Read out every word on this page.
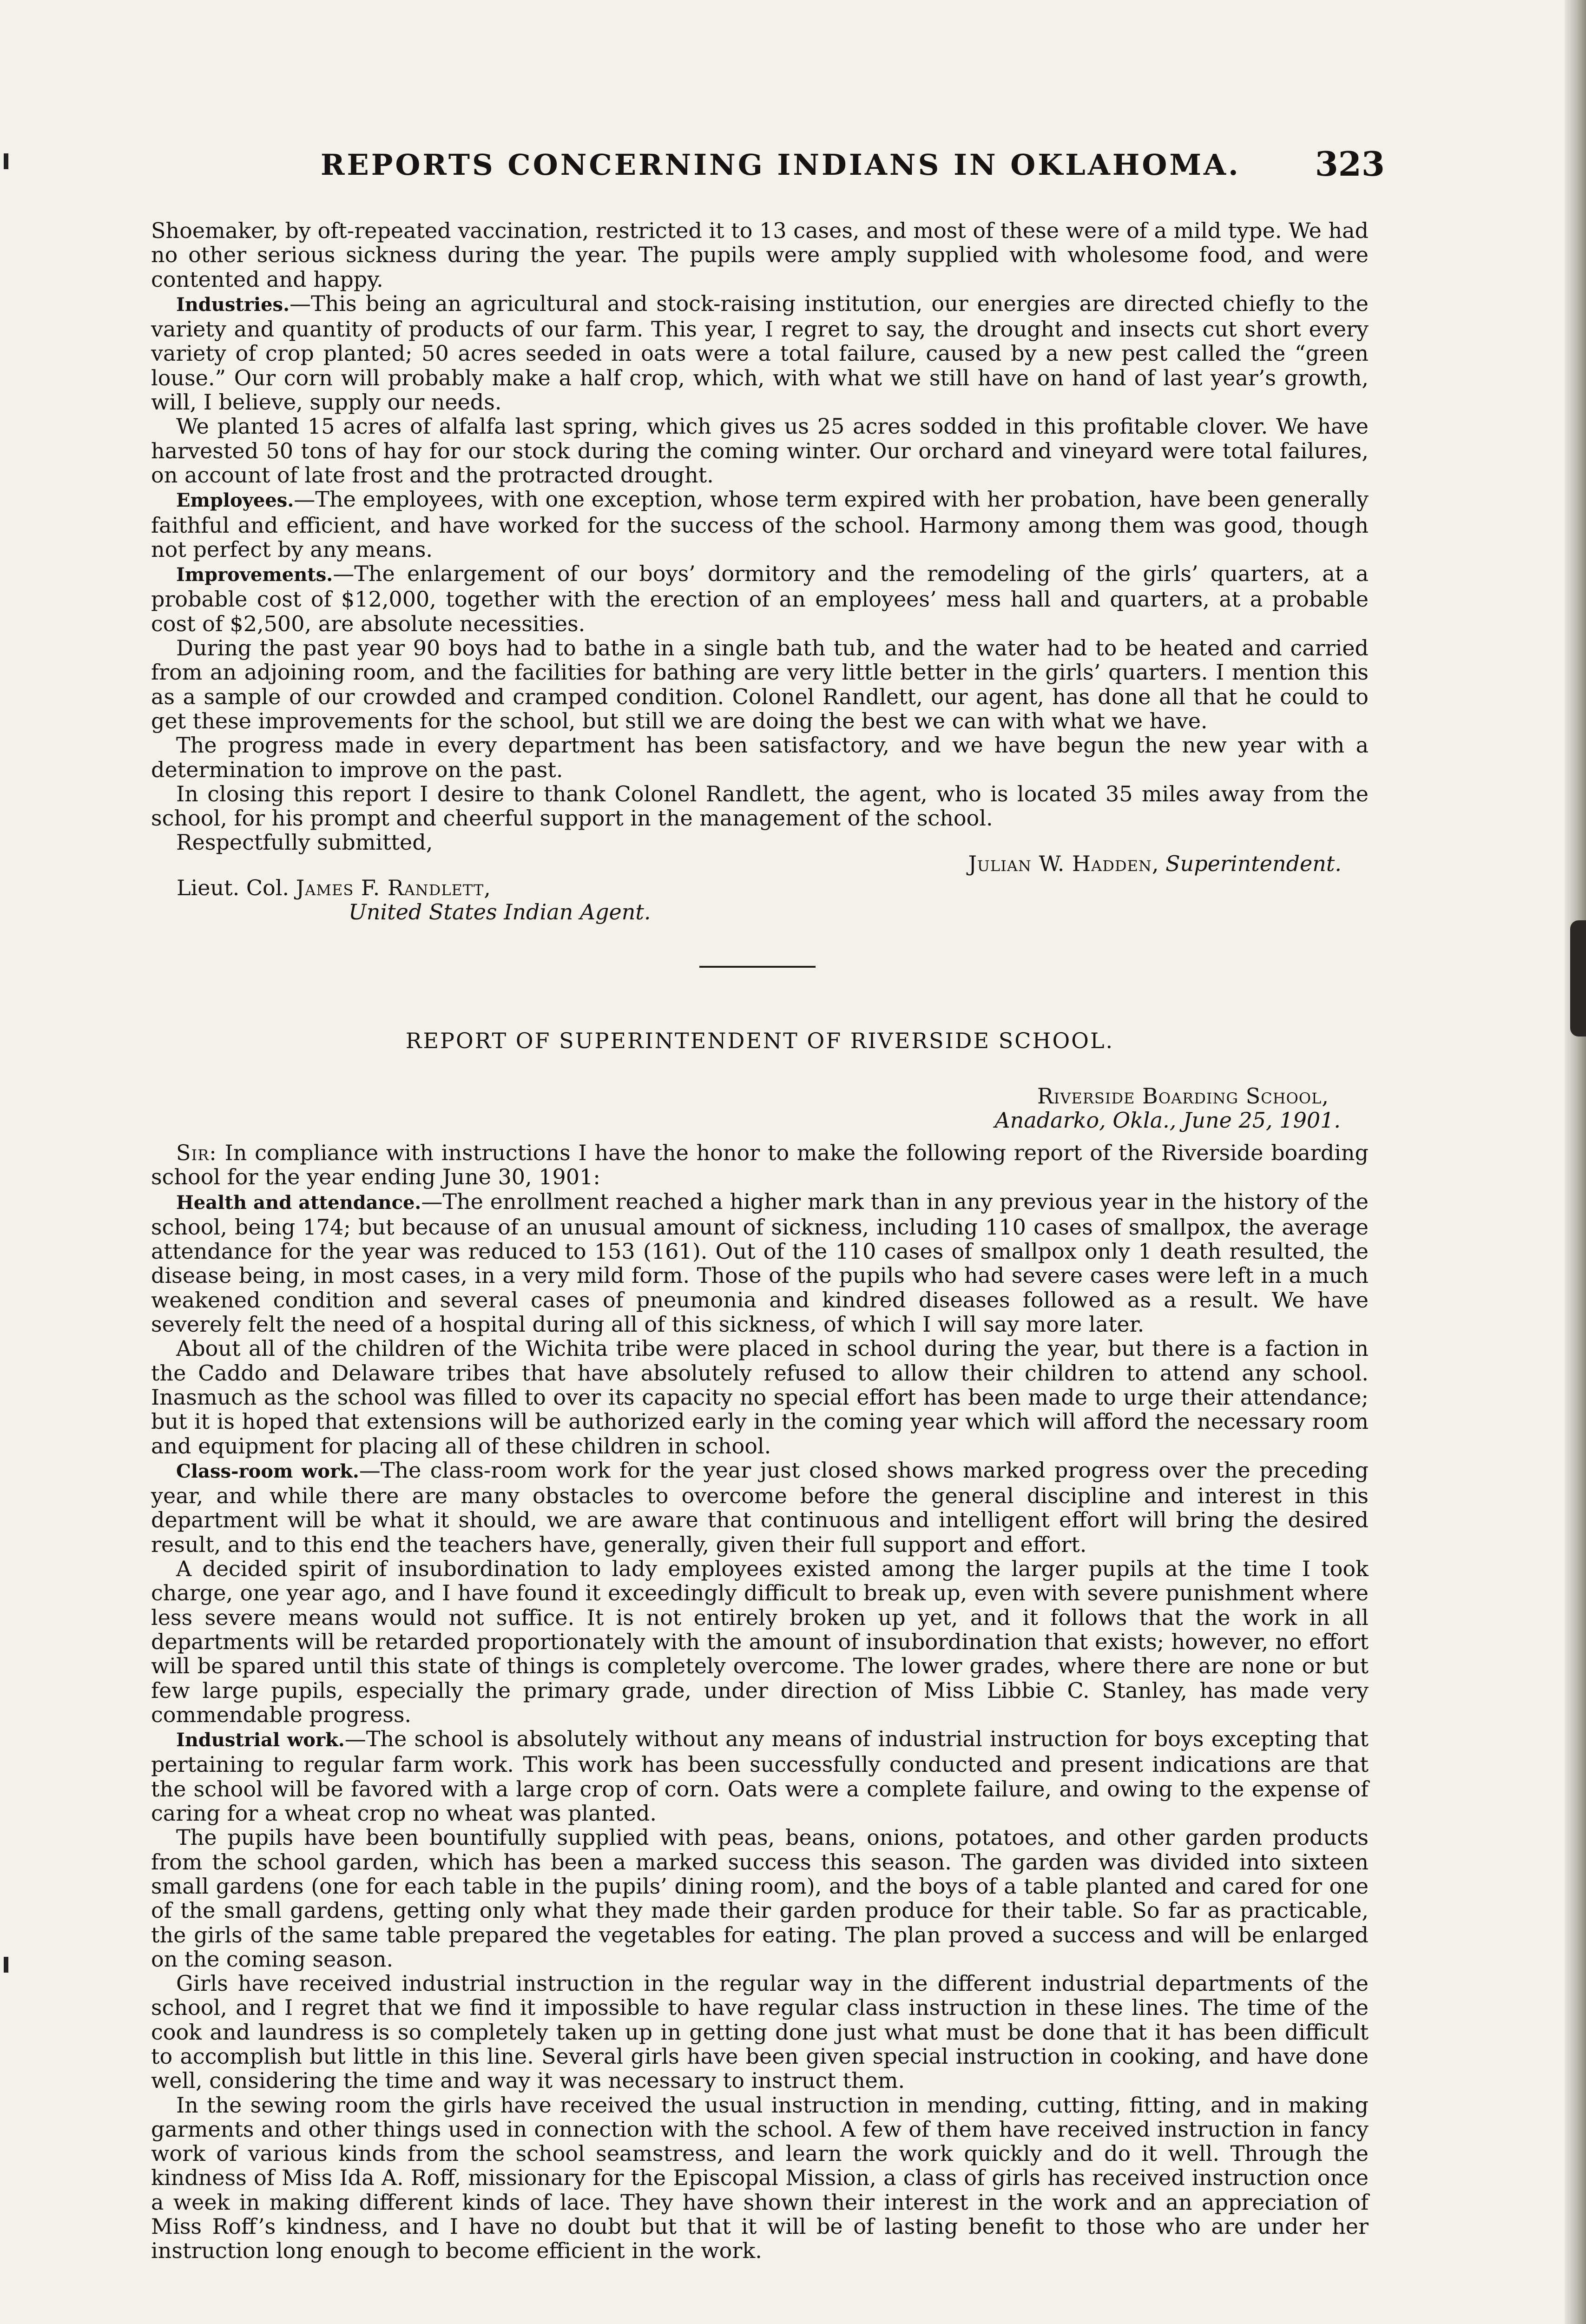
REPORTS CONCERNING INDIANS IN OKLAHOMA. 323

Shoemaker, by oft-repeated vaccination, restricted it to 13 cases, and most of these were of a mild type. We had no other serious sickness during the year. The pupils were amply supplied with wholesome food, and were contented and happy.

Industries.—This being an agricultural and stock-raising institution, our energies are directed chiefly to the variety and quantity of products of our farm. This year, I regret to say, the drought and insects cut short every variety of crop planted; 50 acres seeded in oats were a total failure, caused by a new pest called the “green louse.” Our corn will probably make a half crop, which, with what we still have on hand of last year’s growth, will, I believe, supply our needs.

We planted 15 acres of alfalfa last spring, which gives us 25 acres sodded in this profitable clover. We have harvested 50 tons of hay for our stock during the coming winter. Our orchard and vineyard were total failures, on account of late frost and the protracted drought.

Employees.—The employees, with one exception, whose term expired with her probation, have been generally faithful and efficient, and have worked for the success of the school. Harmony among them was good, though not perfect by any means.

Improvements.—The enlargement of our boys’ dormitory and the remodeling of the girls’ quarters, at a probable cost of $12,000, together with the erection of an employees’ mess hall and quarters, at a probable cost of $2,500, are absolute necessities.

During the past year 90 boys had to bathe in a single bath tub, and the water had to be heated and carried from an adjoining room, and the facilities for bathing are very little better in the girls’ quarters. I mention this as a sample of our crowded and cramped condition. Colonel Randlett, our agent, has done all that he could to get these improvements for the school, but still we are doing the best we can with what we have.

The progress made in every department has been satisfactory, and we have begun the new year with a determination to improve on the past.

In closing this report I desire to thank Colonel Randlett, the agent, who is located 35 miles away from the school, for his prompt and cheerful support in the management of the school.

Respectfully submitted,

Julian W. Hadden, Superintendent.
Lieut. Col. James F. Randlett,
United States Indian Agent.
REPORT OF SUPERINTENDENT OF RIVERSIDE SCHOOL.
Riverside Boarding School,
Anadarko, Okla., June 25, 1901.

Sir: In compliance with instructions I have the honor to make the following report of the Riverside boarding school for the year ending June 30, 1901:

Health and attendance.—The enrollment reached a higher mark than in any previous year in the history of the school, being 174; but because of an unusual amount of sickness, including 110 cases of smallpox, the average attendance for the year was reduced to 153 (161). Out of the 110 cases of smallpox only 1 death resulted, the disease being, in most cases, in a very mild form. Those of the pupils who had severe cases were left in a much weakened condition and several cases of pneumonia and kindred diseases followed as a result. We have severely felt the need of a hospital during all of this sickness, of which I will say more later.

About all of the children of the Wichita tribe were placed in school during the year, but there is a faction in the Caddo and Delaware tribes that have absolutely refused to allow their children to attend any school. Inasmuch as the school was filled to over its capacity no special effort has been made to urge their attendance; but it is hoped that extensions will be authorized early in the coming year which will afford the necessary room and equipment for placing all of these children in school.

Class-room work.—The class-room work for the year just closed shows marked progress over the preceding year, and while there are many obstacles to overcome before the general discipline and interest in this department will be what it should, we are aware that continuous and intelligent effort will bring the desired result, and to this end the teachers have, generally, given their full support and effort.

A decided spirit of insubordination to lady employees existed among the larger pupils at the time I took charge, one year ago, and I have found it exceedingly difficult to break up, even with severe punishment where less severe means would not suffice. It is not entirely broken up yet, and it follows that the work in all departments will be retarded proportionately with the amount of insubordination that exists; however, no effort will be spared until this state of things is completely overcome. The lower grades, where there are none or but few large pupils, especially the primary grade, under direction of Miss Libbie C. Stanley, has made very commendable progress.

Industrial work.—The school is absolutely without any means of industrial instruction for boys excepting that pertaining to regular farm work. This work has been successfully conducted and present indications are that the school will be favored with a large crop of corn. Oats were a complete failure, and owing to the expense of caring for a wheat crop no wheat was planted.

The pupils have been bountifully supplied with peas, beans, onions, potatoes, and other garden products from the school garden, which has been a marked success this season. The garden was divided into sixteen small gardens (one for each table in the pupils’ dining room), and the boys of a table planted and cared for one of the small gardens, getting only what they made their garden produce for their table. So far as practicable, the girls of the same table prepared the vegetables for eating. The plan proved a success and will be enlarged on the coming season.

Girls have received industrial instruction in the regular way in the different industrial departments of the school, and I regret that we find it impossible to have regular class instruction in these lines. The time of the cook and laundress is so completely taken up in getting done just what must be done that it has been difficult to accomplish but little in this line. Several girls have been given special instruction in cooking, and have done well, considering the time and way it was necessary to instruct them.

In the sewing room the girls have received the usual instruction in mending, cutting, fitting, and in making garments and other things used in connection with the school. A few of them have received instruction in fancy work of various kinds from the school seamstress, and learn the work quickly and do it well. Through the kindness of Miss Ida A. Roff, missionary for the Episcopal Mission, a class of girls has received instruction once a week in making different kinds of lace. They have shown their interest in the work and an appreciation of Miss Roff’s kindness, and I have no doubt but that it will be of lasting benefit to those who are under her instruction long enough to become efficient in the work.
